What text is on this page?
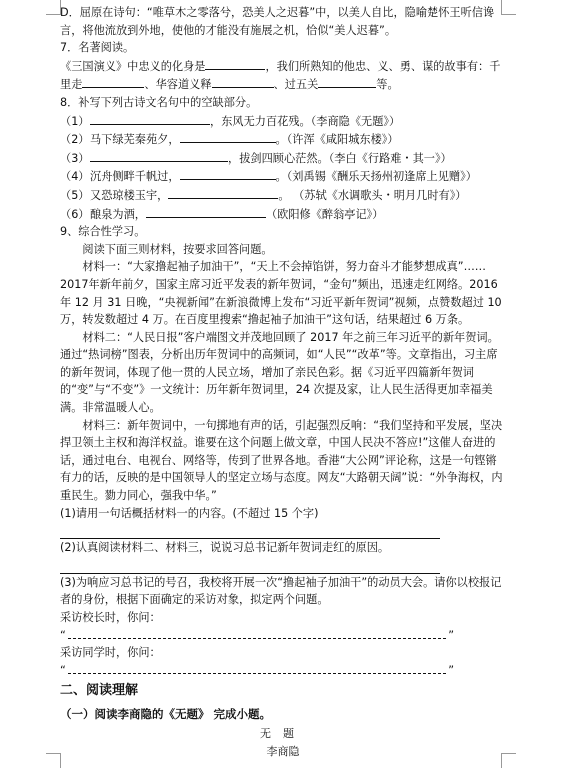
D．屈原在诗句：“唯草木之零落兮，恐美人之迟暮”中，以美人自比，隐喻楚怀王听信谗言，将他流放到外地，使他的才能没有施展之机，恰似“美人迟暮”。

7．名著阅读。

《三国演义》中忠义的化身是	，我们所熟知的他忠、义、勇、谋的故事有：千里走	、华容道义释	、过五关	等。

8．补写下列古诗文名句中的空缺部分。

（1）	，东风无力百花残。（李商隐《无题》）
（2） 马下绿芜秦苑夕，	。（许浑《咸阳城东楼》）
（3）	，拔剑四顾心茫然。（李白《行路难・其一》）
（4） 沉舟侧畔千帆过，	。（刘禹锡《酬乐天扬州初逢席上见赠》）
（5） 又恐琼楼玉宇，	。 （苏轼《水调歌头・明月几时有》）
（6） 酿泉为酒，	（欧阳修《醉翁亭记》）

9、综合性学习。

阅读下面三则材料，按要求回答问题。

材料一：“大家撸起袖子加油干”，“天上不会掉馅饼，努力奋斗才能梦想成真”……2017年新年前夕，国家主席习近平发表的新年贺词，“金句”频出，迅速走红网络。2016 年 12 月 31 日晚，“央视新闻”在新浪微博上发布“习近平新年贺词”视频，点赞数超过 10 万，转发数超过 4 万。在百度里搜索“撸起袖子加油干”这句话，结果超过 6 万条。

材料二：“人民日报”客户端图文并茂地回顾了 2017 年之前三年习近平的新年贺词。通过“热词榜”图表，分析出历年贺词中的高频词，如“人民”“改革”等。文章指出，习主席的新年贺词，体现了他一贯的人民立场，增加了亲民色彩。据《习近平四篇新年贺词的“变”与“不变”》一文统计：历年新年贺词里，24 次提及家，让人民生活得更加幸福美满。非常温暖人心。

材料三：新年贺词中，一句掷地有声的话，引起强烈反响：“我们坚持和平发展，坚决捍卫领土主权和海洋权益。谁要在这个问题上做文章，中国人民决不答应!”这催人奋进的话，通过电台、电视台、网络等，传到了世界各地。香港“大公网”评论称，这是一句铿锵有力的话，反映的是中国领导人的坚定立场与态度。网友“大路朝天阔”说：“外争海权，内重民生。勠力同心，强我中华。”

(1)请用一句话概括材料一的内容。(不超过 15 个字)

(2)认真阅读材料二、材料三，说说习总书记新年贺词走红的原因。

(3)为响应习总书记的号召，我校将开展一次“撸起袖子加油干”的动员大会。请你以校报记者的身份，根据下面确定的采访对象，拟定两个问题。

采访校长时，你问：

“	”

采访同学时，你问：

“	”

二、阅读理解

（一）阅读李商隐的《无题》 完成小题。

无题

李商隐
